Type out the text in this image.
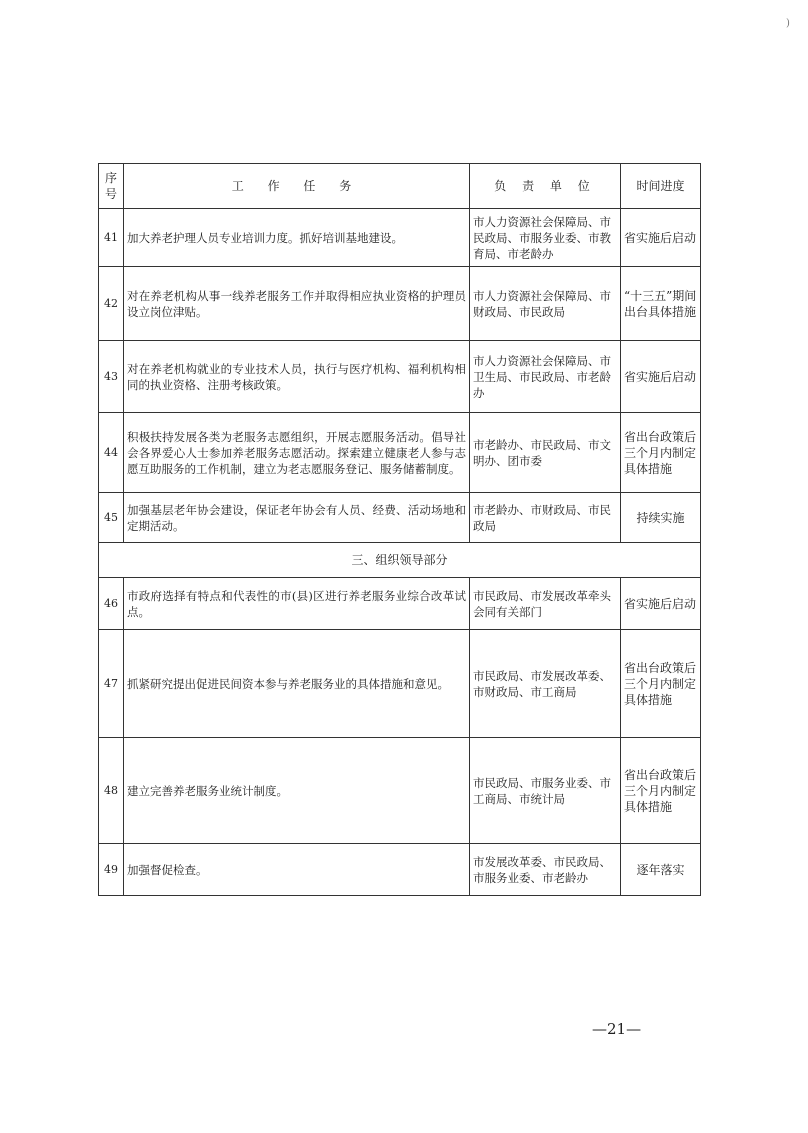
)
序号	工 作 任 务	负 责 单 位	时间进度
41	加大养老护理人员专业培训力度。抓好培训基地建设。	市人力资源社会保障局、市民政局、市服务业委、市教育局、市老龄办	省实施后启动
42	对在养老机构从事一线养老服务工作并取得相应执业资格的护理员设立岗位津贴。	市人力资源社会保障局、市财政局、市民政局	“十三五”期间出台具体措施
43	对在养老机构就业的专业技术人员，执行与医疗机构、福利机构相同的执业资格、注册考核政策。	市人力资源社会保障局、市卫生局、市民政局、市老龄办	省实施后启动
44	积极扶持发展各类为老服务志愿组织，开展志愿服务活动。倡导社会各界爱心人士参加养老服务志愿活动。探索建立健康老人参与志愿互助服务的工作机制，建立为老志愿服务登记、服务储蓄制度。	市老龄办、市民政局、市文明办、团市委	省出台政策后三个月内制定具体措施
45	加强基层老年协会建设，保证老年协会有人员、经费、活动场地和定期活动。	市老龄办、市财政局、市民政局	持续实施
三、组织领导部分			
46	市政府选择有特点和代表性的市(县)区进行养老服务业综合改革试点。	市民政局、市发展改革牵头会同有关部门	省实施后启动
47	抓紧研究提出促进民间资本参与养老服务业的具体措施和意见。	市民政局、市发展改革委、市财政局、市工商局	省出台政策后三个月内制定具体措施
48	建立完善养老服务业统计制度。	市民政局、市服务业委、市工商局、市统计局	省出台政策后三个月内制定具体措施
49	加强督促检查。	市发展改革委、市民政局、市服务业委、市老龄办	逐年落实
—21—
